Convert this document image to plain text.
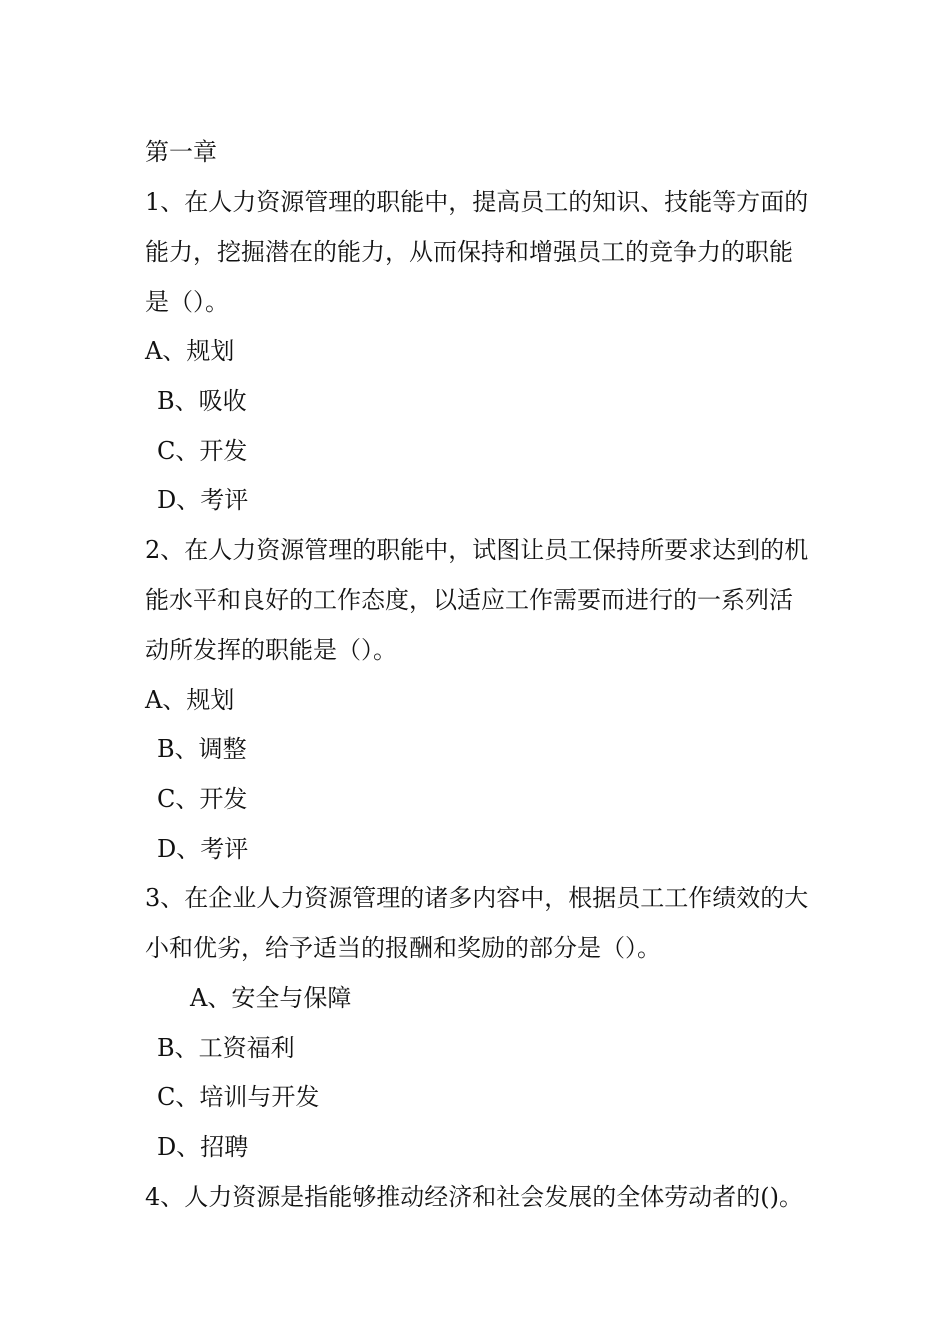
第一章
1、在人力资源管理的职能中，提高员工的知识、技能等方面的
能力，挖掘潜在的能力，从而保持和增强员工的竞争力的职能
是（）。
A、规划
B、吸收
C、开发
D、考评
2、在人力资源管理的职能中，试图让员工保持所要求达到的机
能水平和良好的工作态度，以适应工作需要而进行的一系列活
动所发挥的职能是（）。
A、规划
B、调整
C、开发
D、考评
3、在企业人力资源管理的诸多内容中，根据员工工作绩效的大
小和优劣，给予适当的报酬和奖励的部分是（）。
A、安全与保障
B、工资福利
C、培训与开发
D、招聘
4、人力资源是指能够推动经济和社会发展的全体劳动者的()。
